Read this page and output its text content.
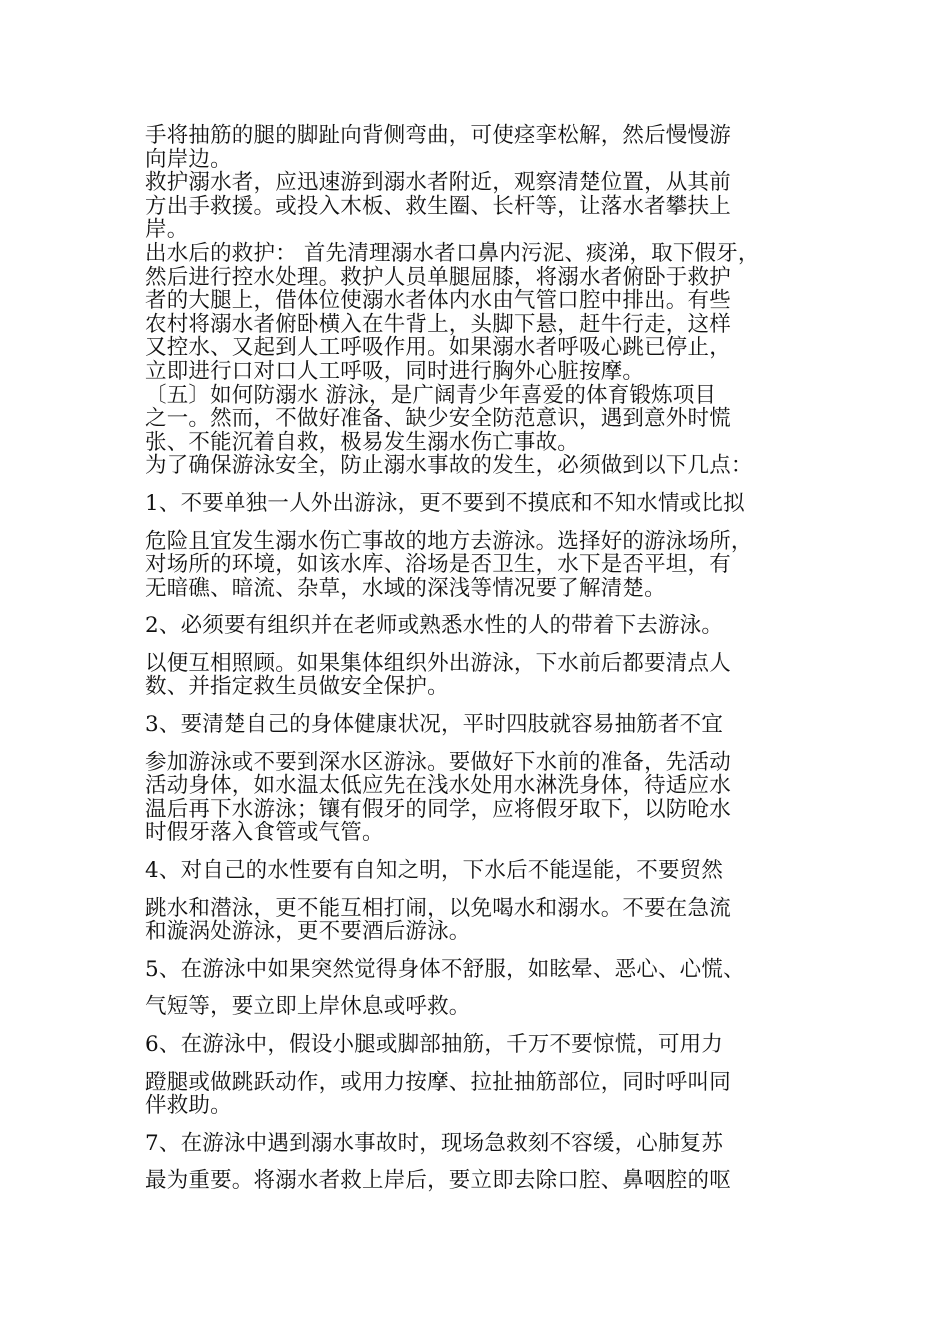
手将抽筋的腿的脚趾向背侧弯曲，可使痉挛松解，然后慢慢游
向岸边。
救护溺水者，应迅速游到溺水者附近，观察清楚位置，从其前
方出手救援。或投入木板、救生圈、长杆等，让落水者攀扶上
岸。
出水后的救护： 首先清理溺水者口鼻内污泥、痰涕，取下假牙，
然后进行控水处理。救护人员单腿屈膝，将溺水者俯卧于救护
者的大腿上，借体位使溺水者体内水由气管口腔中排出。有些
农村将溺水者俯卧横入在牛背上，头脚下悬，赶牛行走，这样
又控水、又起到人工呼吸作用。如果溺水者呼吸心跳已停止，
立即进行口对口人工呼吸，同时进行胸外心脏按摩。
〔五〕如何防溺水 游泳，是广阔青少年喜爱的体育锻炼项目
之一。然而，不做好准备、缺少安全防范意识，遇到意外时慌
张、不能沉着自救，极易发生溺水伤亡事故。
为了确保游泳安全，防止溺水事故的发生，必须做到以下几点：
1、不要单独一人外出游泳，更不要到不摸底和不知水情或比拟
危险且宜发生溺水伤亡事故的地方去游泳。选择好的游泳场所，
对场所的环境，如该水库、浴场是否卫生，水下是否平坦，有
无暗礁、暗流、杂草，水域的深浅等情况要了解清楚。
2、必须要有组织并在老师或熟悉水性的人的带着下去游泳。
以便互相照顾。如果集体组织外出游泳，下水前后都要清点人
数、并指定救生员做安全保护。
3、要清楚自己的身体健康状况，平时四肢就容易抽筋者不宜
参加游泳或不要到深水区游泳。要做好下水前的准备，先活动
活动身体，如水温太低应先在浅水处用水淋洗身体，待适应水
温后再下水游泳；镶有假牙的同学，应将假牙取下，以防呛水
时假牙落入食管或气管。
4、对自己的水性要有自知之明，下水后不能逞能，不要贸然
跳水和潜泳，更不能互相打闹，以免喝水和溺水。不要在急流
和漩涡处游泳，更不要酒后游泳。
5、在游泳中如果突然觉得身体不舒服，如眩晕、恶心、心慌、
气短等，要立即上岸休息或呼救。
6、在游泳中，假设小腿或脚部抽筋，千万不要惊慌，可用力
蹬腿或做跳跃动作，或用力按摩、拉扯抽筋部位，同时呼叫同
伴救助。
7、在游泳中遇到溺水事故时，现场急救刻不容缓，心肺复苏
最为重要。将溺水者救上岸后，要立即去除口腔、鼻咽腔的呕
